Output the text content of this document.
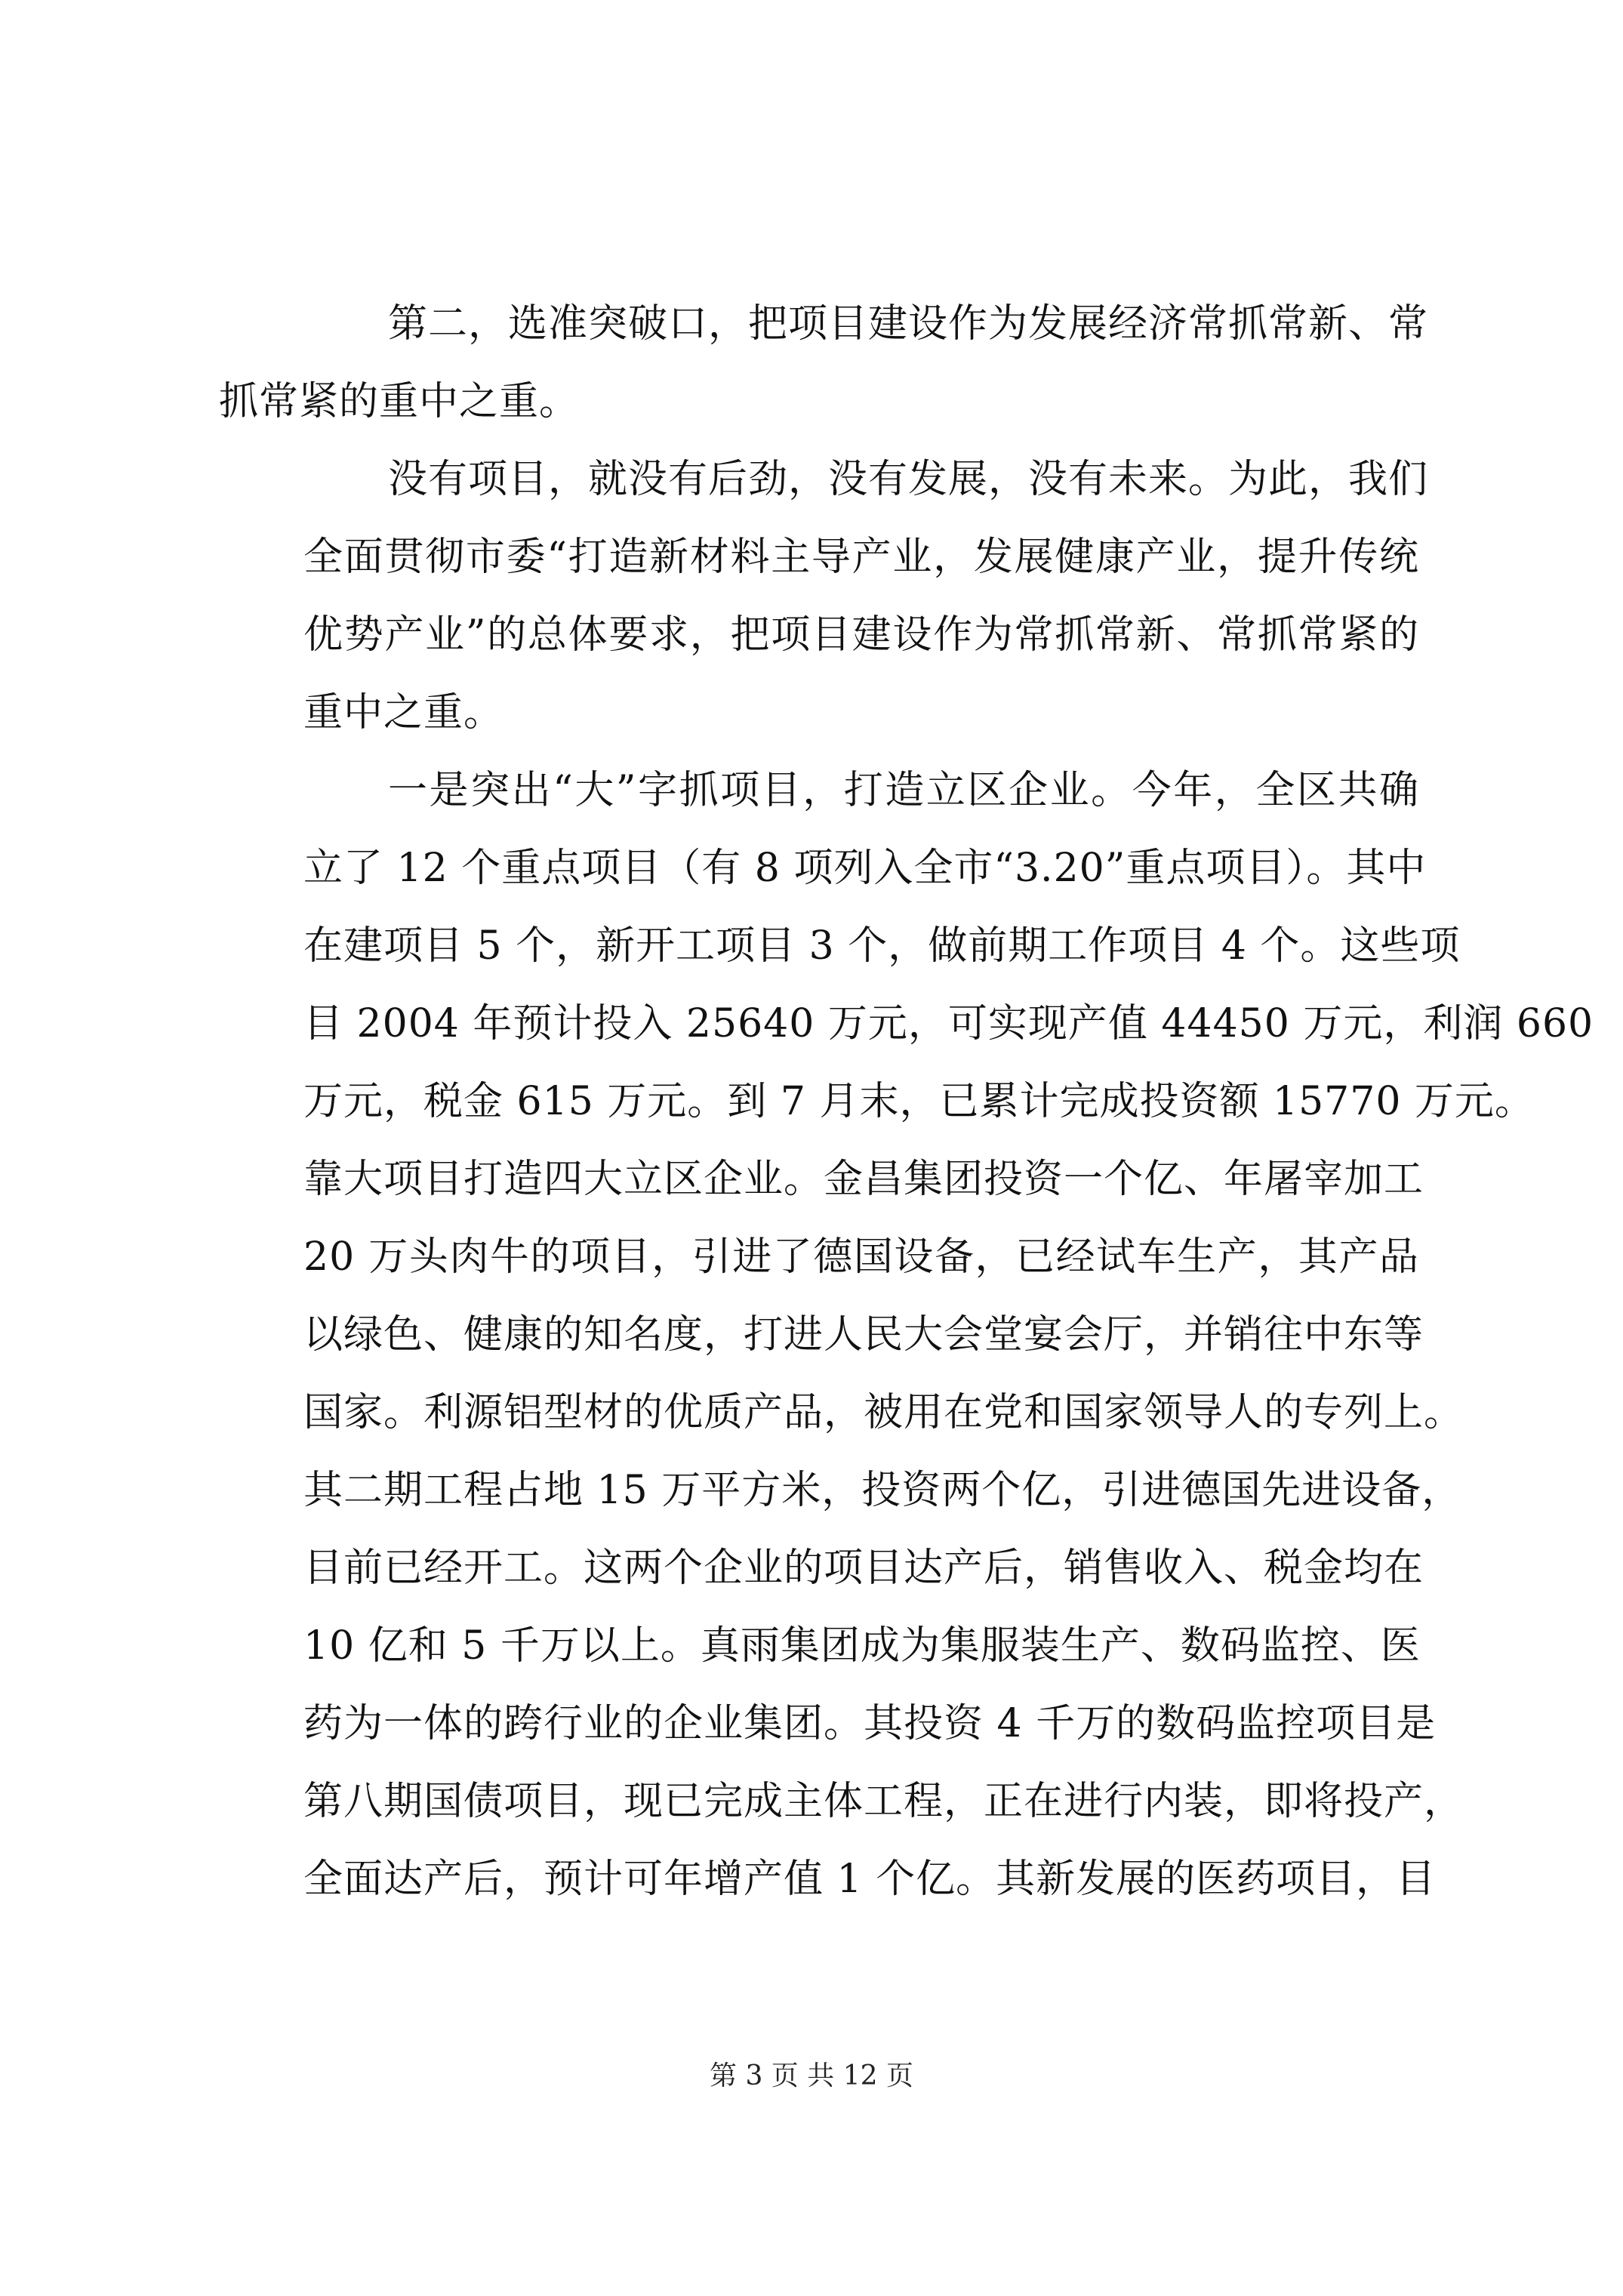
第二，选准突破口，把项目建设作为发展经济常抓常新、常
抓常紧的重中之重。
没有项目，就没有后劲，没有发展，没有未来。为此，我们
全面贯彻市委“打造新材料主导产业，发展健康产业，提升传统
优势产业”的总体要求，把项目建设作为常抓常新、常抓常紧的
重中之重。
一是突出“大”字抓项目，打造立区企业。今年，全区共确
立了 12 个重点项目（有 8 项列入全市“3.20”重点项目）。其中
在建项目 5 个，新开工项目 3 个，做前期工作项目 4 个。这些项
目 2004 年预计投入 25640 万元，可实现产值 44450 万元，利润 660
万元，税金 615 万元。到 7 月末，已累计完成投资额 15770 万元。
靠大项目打造四大立区企业。金昌集团投资一个亿、年屠宰加工
20 万头肉牛的项目，引进了德国设备，已经试车生产，其产品
以绿色、健康的知名度，打进人民大会堂宴会厅，并销往中东等
国家。利源铝型材的优质产品，被用在党和国家领导人的专列上。
其二期工程占地 15 万平方米，投资两个亿，引进德国先进设备，
目前已经开工。这两个企业的项目达产后，销售收入、税金均在
10 亿和 5 千万以上。真雨集团成为集服装生产、数码监控、医
药为一体的跨行业的企业集团。其投资 4 千万的数码监控项目是
第八期国债项目，现已完成主体工程，正在进行内装，即将投产，
全面达产后，预计可年增产值 1 个亿。其新发展的医药项目，目
第 3 页 共 12 页
